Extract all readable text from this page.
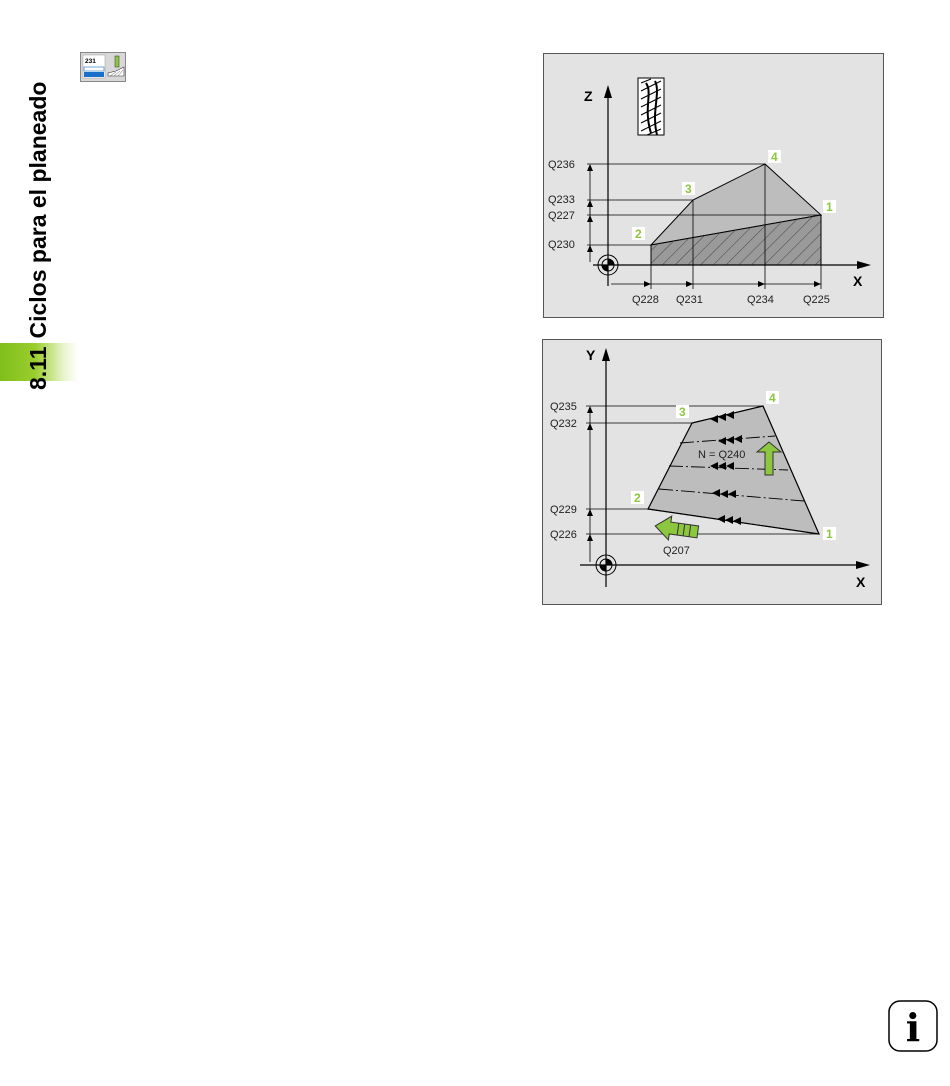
8.11Ciclos para el planeado
231
Z
X
Q236
Q233
Q227
Q230
Q228 Q231	Q234	Q225
1
2
3
4
Y
X
Q235
Q232
Q229
Q226
N = Q240
Q207
1
2
3
4
i
